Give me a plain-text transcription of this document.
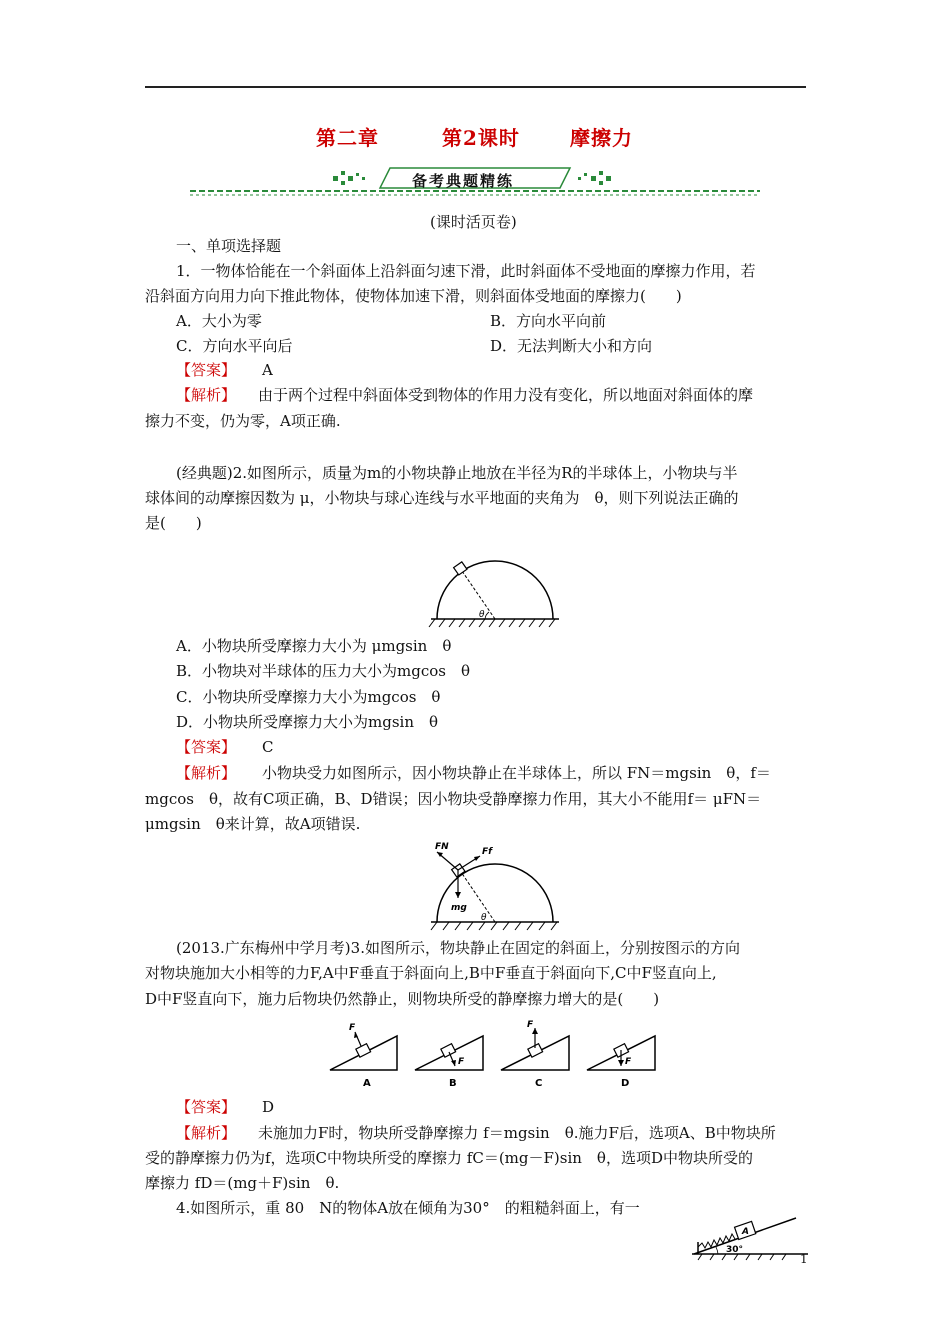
第二章	第2课时	摩擦力
备考典题精练
(课时活页卷)
一、单项选择题
1．一物体恰能在一个斜面体上沿斜面匀速下滑，此时斜面体不受地面的摩擦力作用，若
沿斜面方向用力向下推此物体，使物体加速下滑，则斜面体受地面的摩擦力(　　)
A．大小为零	B．方向水平向前
C．方向水平向后	D．无法判断大小和方向
【答案】 A
【解析】 由于两个过程中斜面体受到物体的作用力没有变化，所以地面对斜面体的摩
擦力不变，仍为零，A项正确.
(经典题)2.如图所示，质量为m的小物块静止地放在半径为R的半球体上，小物块与半
球体间的动摩擦因数为 μ，小物块与球心连线与水平地面的夹角为　θ，则下列说法正确的
是(　　)
θ
A．小物块所受摩擦力大小为 μmgsin　θ
B．小物块对半球体的压力大小为mgcos　θ
C．小物块所受摩擦力大小为mgcos　θ
D．小物块所受摩擦力大小为mgsin　θ
【答案】 C
【解析】 小物块受力如图所示，因小物块静止在半球体上，所以 FN＝mgsin　θ，f＝
mgcos　θ，故有C项正确，B、D错误；因小物块受静摩擦力作用，其大小不能用f＝ μFN＝
μmgsin　θ来计算，故A项错误.
FN	Ff
mg
θ
(2013.广东梅州中学月考)3.如图所示，物块静止在固定的斜面上，分别按图示的方向
对物块施加大小相等的力F,A中F垂直于斜面向上,B中F垂直于斜面向下,C中F竖直向上,
D中F竖直向下，施力后物块仍然静止，则物块所受的静摩擦力增大的是(　　)
F
A
F
B
F
C
F
D
【答案】 D
【解析】 未施加力F时，物块所受静摩擦力 f＝mgsin　θ.施力F后，选项A、B中物块所
受的静摩擦力仍为f，选项C中物块所受的摩擦力 fC＝(mg－F)sin　θ，选项D中物块所受的
摩擦力 fD＝(mg＋F)sin　θ.
4.如图所示，重 80　N的物体A放在倾角为30°　的粗糙斜面上，有一
A
30°
1
